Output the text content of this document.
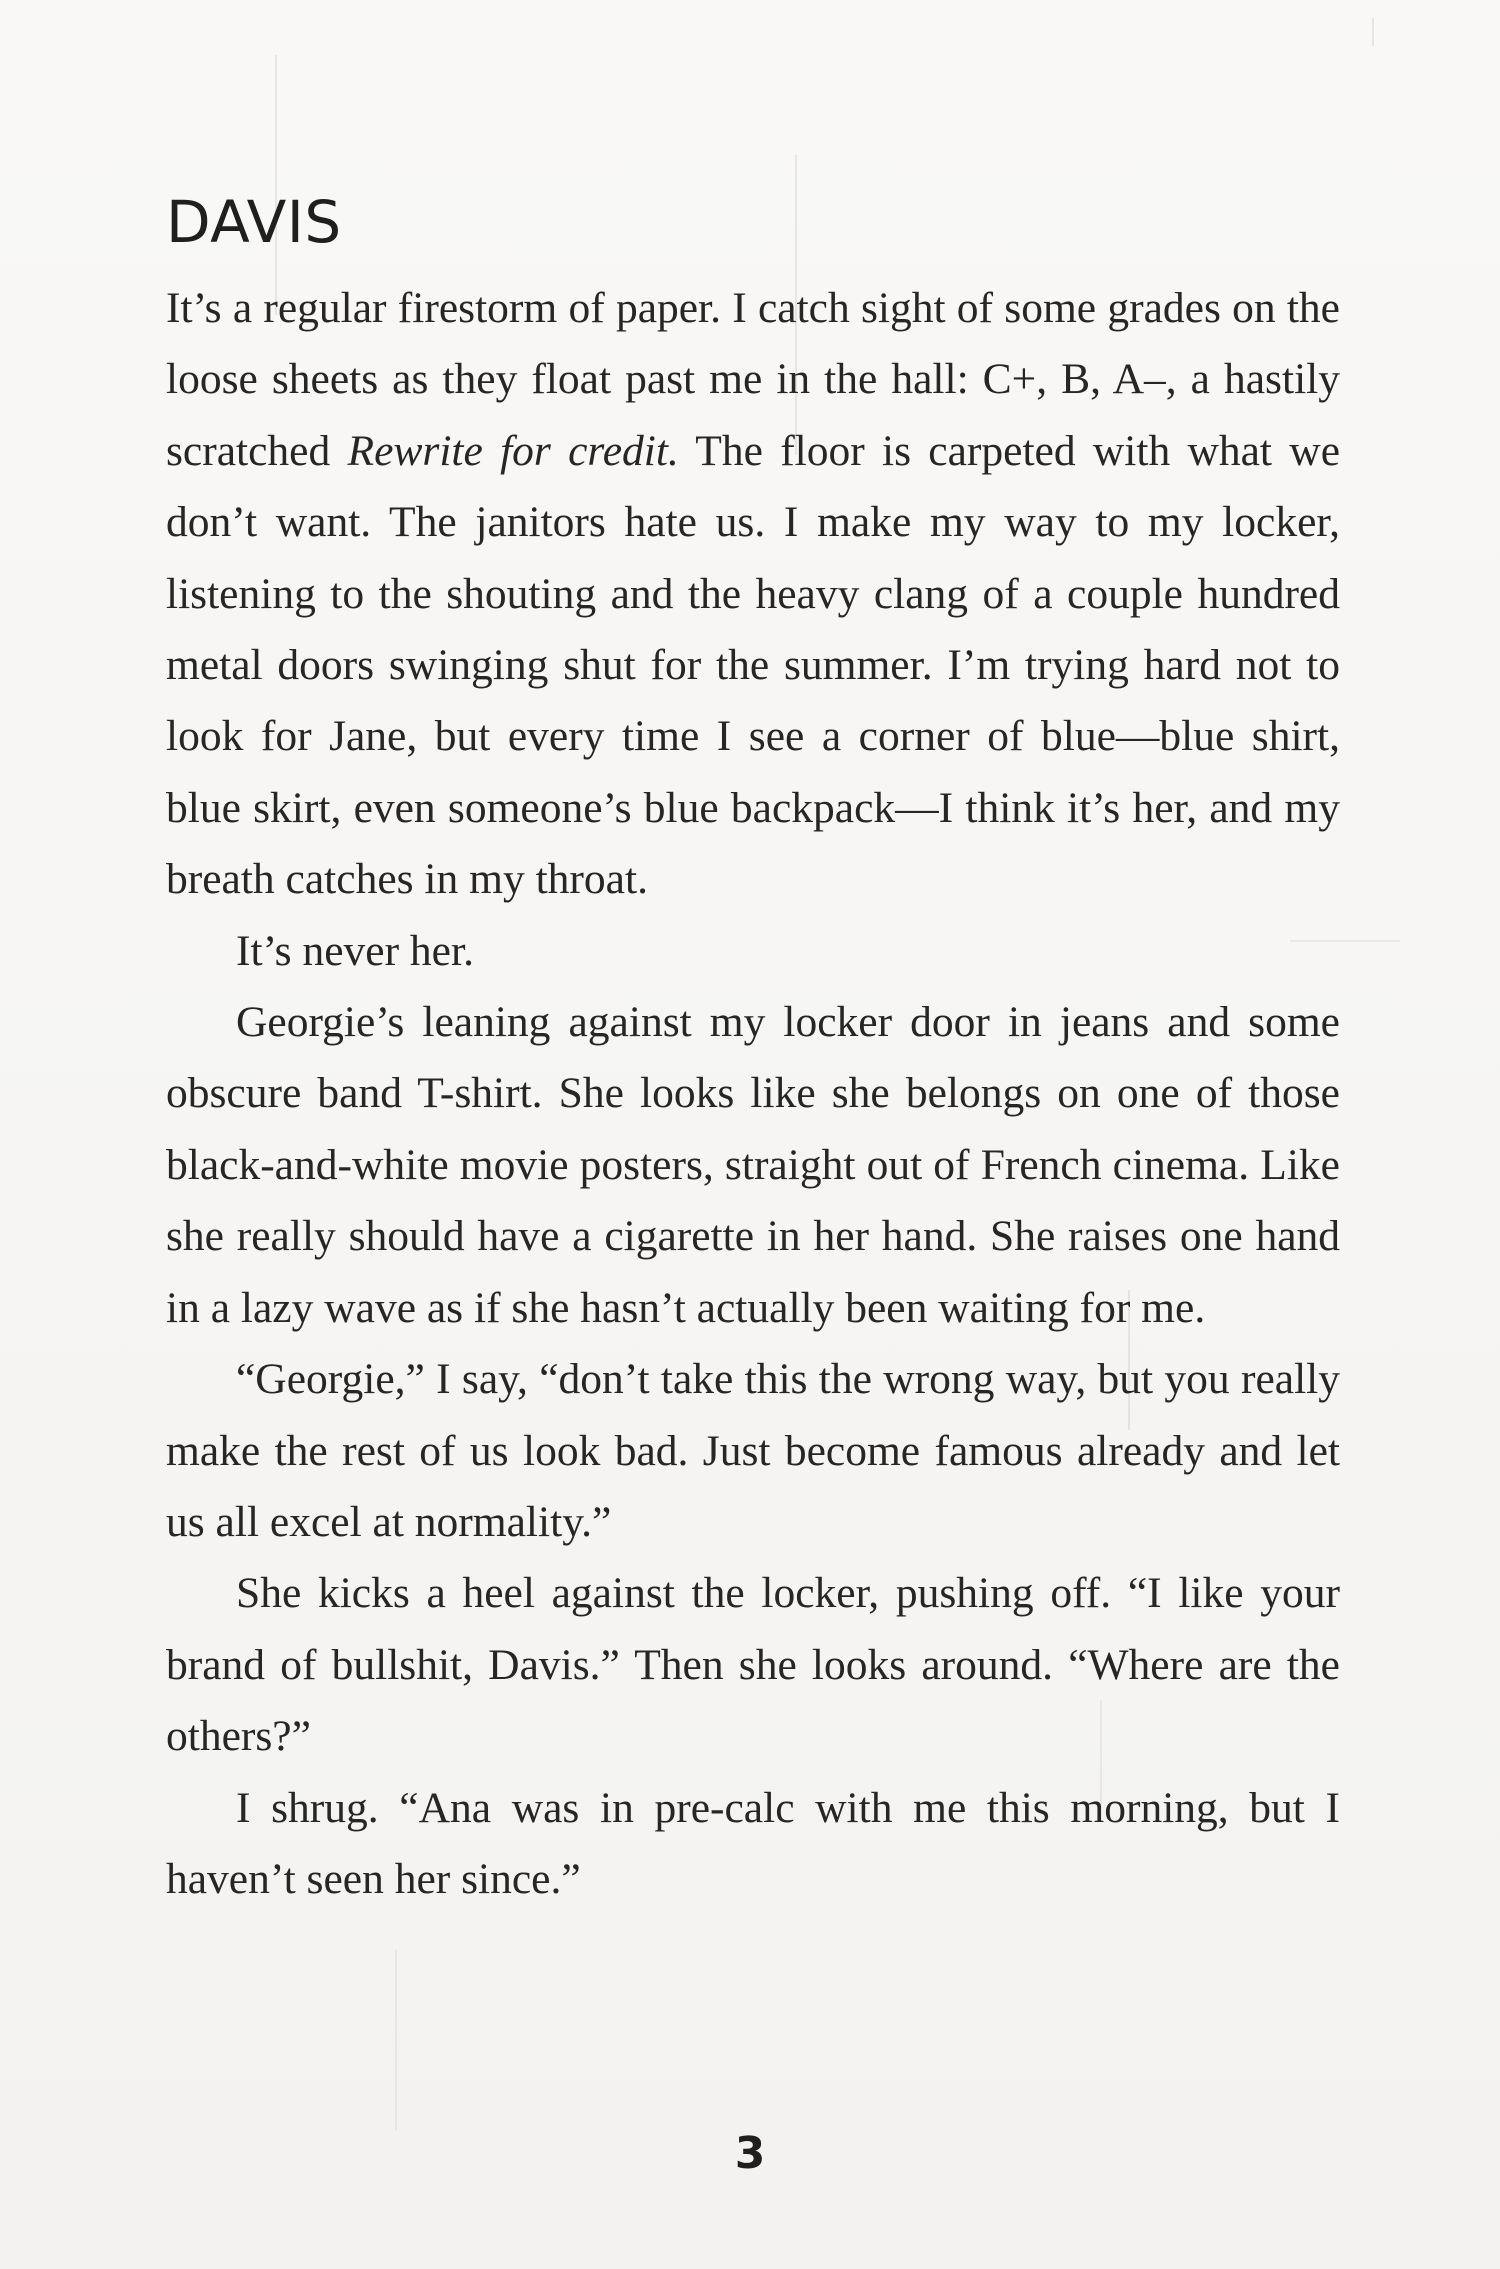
DAVIS

It’s a regular firestorm of paper. I catch sight of some grades on the loose sheets as they float past me in the hall: C+, B, A–, a hastily scratched Rewrite for credit. The floor is carpeted with what we don’t want. The janitors hate us. I make my way to my locker, listening to the shouting and the heavy clang of a couple hundred metal doors swinging shut for the summer. I’m trying hard not to look for Jane, but every time I see a corner of blue—blue shirt, blue skirt, even someone’s blue backpack—I think it’s her, and my breath catches in my throat.

It’s never her.

Georgie’s leaning against my locker door in jeans and some obscure band T-shirt. She looks like she belongs on one of those black-and-white movie posters, straight out of French cinema. Like she really should have a cigarette in her hand. She raises one hand in a lazy wave as if she hasn’t actually been waiting for me.

“Georgie,” I say, “don’t take this the wrong way, but you really make the rest of us look bad. Just become famous already and let us all excel at normality.”

She kicks a heel against the locker, pushing off. “I like your brand of bullshit, Davis.” Then she looks around. “Where are the others?”

I shrug. “Ana was in pre-calc with me this morning, but I haven’t seen her since.”

3
